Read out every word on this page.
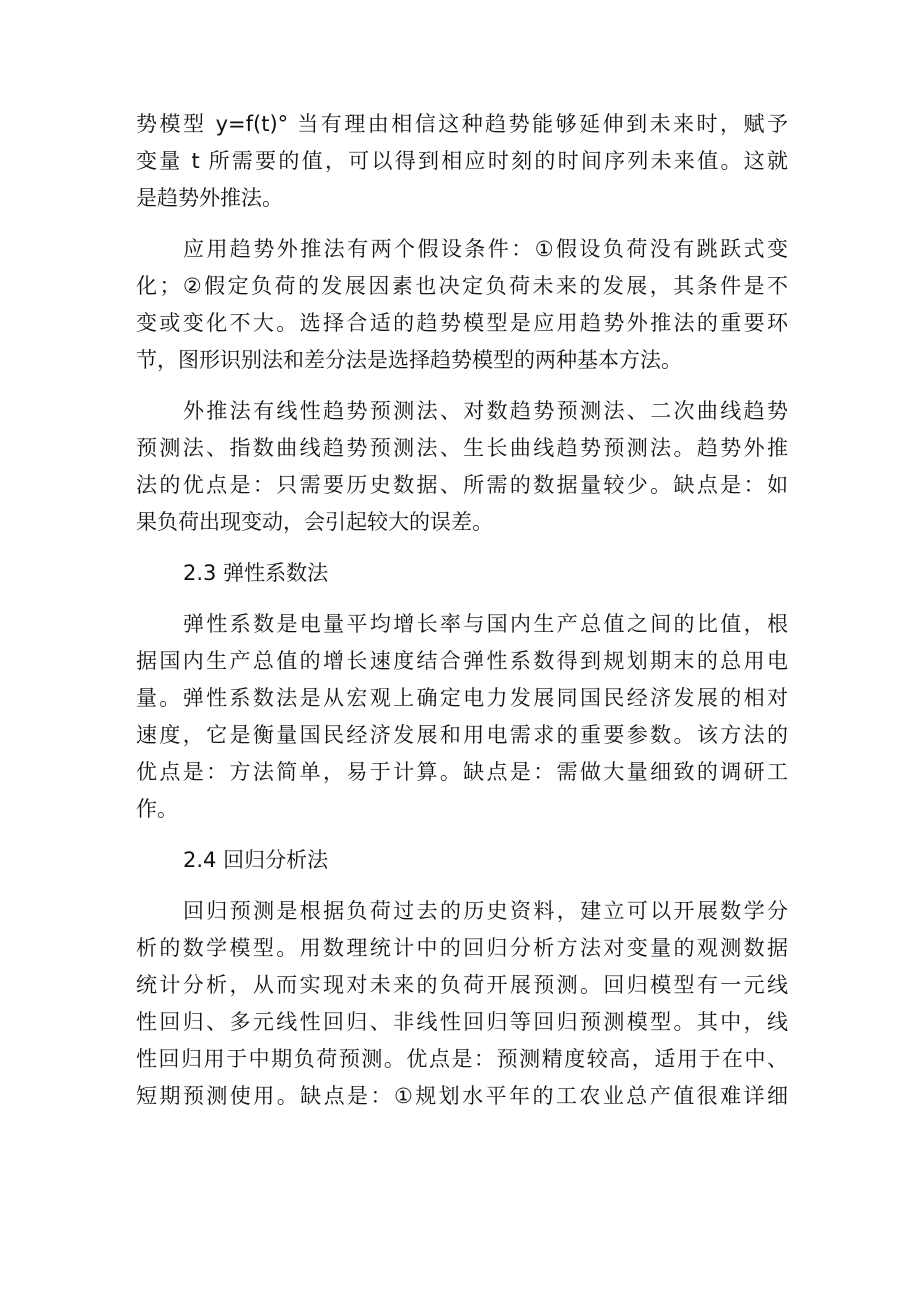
势模型 y=f(t)° 当有理由相信这种趋势能够延伸到未来时，赋予
变量 t 所需要的值，可以得到相应时刻的时间序列未来值。这就
是趋势外推法。
应用趋势外推法有两个假设条件：①假设负荷没有跳跃式变
化；②假定负荷的发展因素也决定负荷未来的发展，其条件是不
变或变化不大。选择合适的趋势模型是应用趋势外推法的重要环
节，图形识别法和差分法是选择趋势模型的两种基本方法。
外推法有线性趋势预测法、对数趋势预测法、二次曲线趋势
预测法、指数曲线趋势预测法、生长曲线趋势预测法。趋势外推
法的优点是：只需要历史数据、所需的数据量较少。缺点是：如
果负荷出现变动，会引起较大的误差。
2.3 弹性系数法
弹性系数是电量平均增长率与国内生产总值之间的比值，根
据国内生产总值的增长速度结合弹性系数得到规划期末的总用电
量。弹性系数法是从宏观上确定电力发展同国民经济发展的相对
速度，它是衡量国民经济发展和用电需求的重要参数。该方法的
优点是：方法简单，易于计算。缺点是：需做大量细致的调研工
作。
2.4 回归分析法
回归预测是根据负荷过去的历史资料，建立可以开展数学分
析的数学模型。用数理统计中的回归分析方法对变量的观测数据
统计分析，从而实现对未来的负荷开展预测。回归模型有一元线
性回归、多元线性回归、非线性回归等回归预测模型。其中，线
性回归用于中期负荷预测。优点是：预测精度较高，适用于在中、
短期预测使用。缺点是：①规划水平年的工农业总产值很难详细
